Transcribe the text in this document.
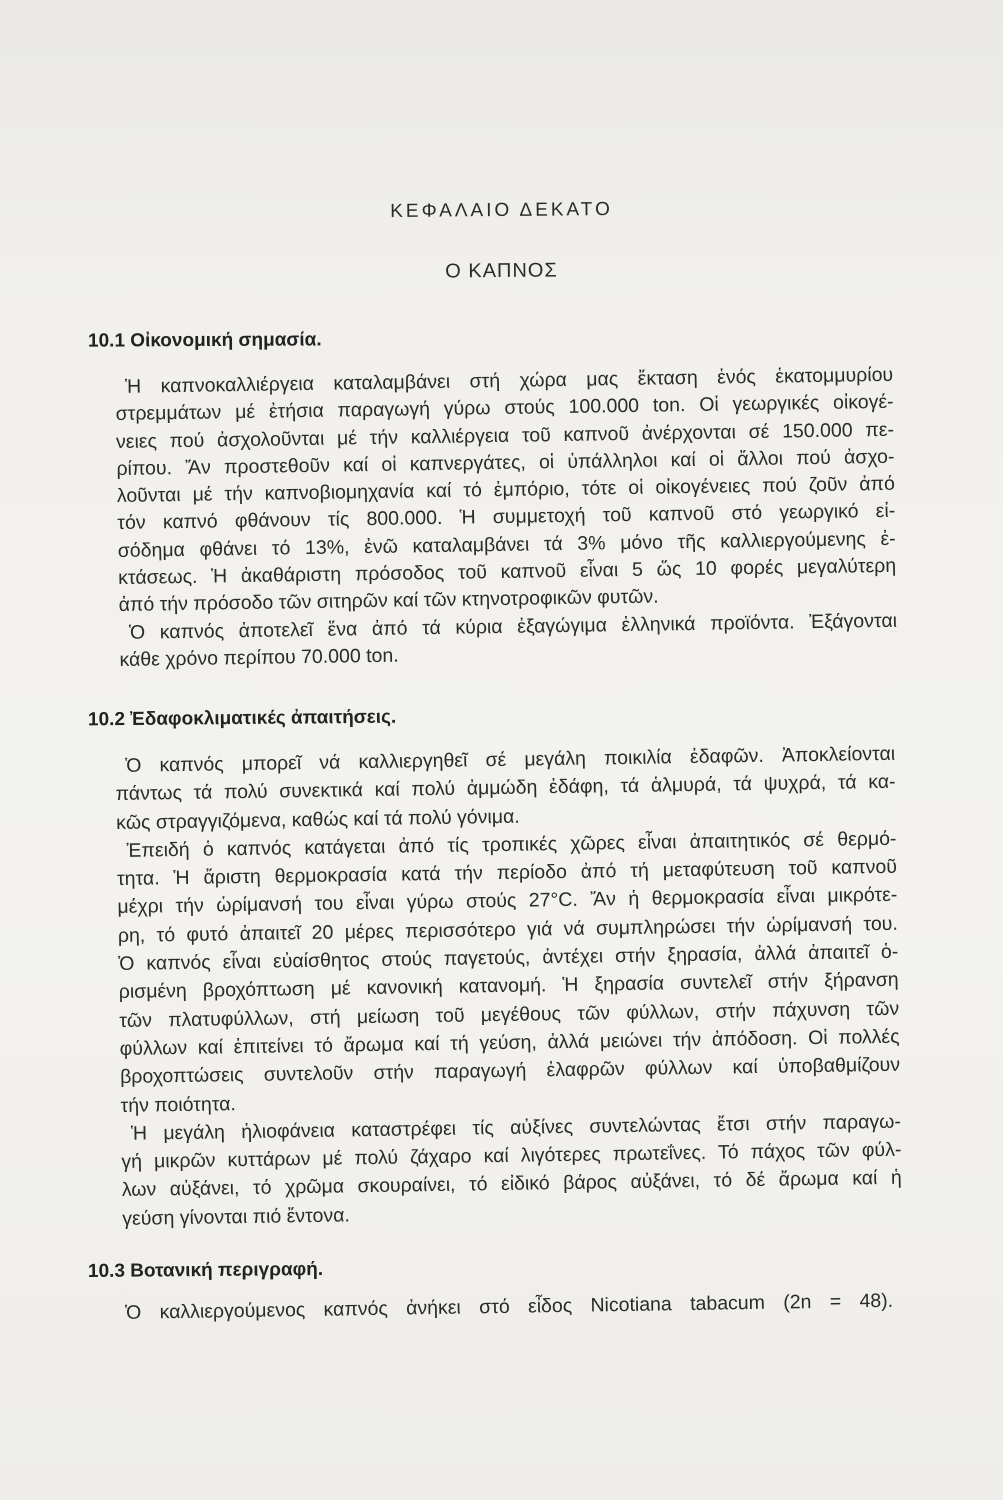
ΚΕΦΑΛΑΙΟ ΔΕΚΑΤΟ
Ο ΚΑΠΝΟΣ
10.1 Οἰκονομική σημασία.
Ἡ καπνοκαλλιέργεια καταλαμβάνει στή χώρα μας ἔκταση ἑνός ἑκατομμυρίου
στρεμμάτων μέ ἐτήσια παραγωγή γύρω στούς 100.000 ton. Οἱ γεωργικές οἰκογέ-
νειες πού ἀσχολοῦνται μέ τήν καλλιέργεια τοῦ καπνοῦ ἀνέρχονται σέ 150.000 πε-
ρίπου. Ἄν προστεθοῦν καί οἱ καπνεργάτες, οἱ ὑπάλληλοι καί οἱ ἄλλοι πού ἀσχο-
λοῦνται μέ τήν καπνοβιομηχανία καί τό ἐμπόριο, τότε οἱ οἰκογένειες πού ζοῦν ἀπό
τόν καπνό φθάνουν τίς 800.000. Ἡ συμμετοχή τοῦ καπνοῦ στό γεωργικό εἰ-
σόδημα φθάνει τό 13%, ἐνῶ καταλαμβάνει τά 3% μόνο τῆς καλλιεργούμενης ἐ-
κτάσεως. Ἡ ἀκαθάριστη πρόσοδος τοῦ καπνοῦ εἶναι 5 ὥς 10 φορές μεγαλύτερη
ἀπό τήν πρόσοδο τῶν σιτηρῶν καί τῶν κτηνοτροφικῶν φυτῶν.
Ὁ καπνός ἀποτελεῖ ἕνα ἀπό τά κύρια ἐξαγώγιμα ἑλληνικά προϊόντα. Ἐξάγονται
κάθε χρόνο περίπου 70.000 ton.
10.2 Ἐδαφοκλιματικές ἀπαιτήσεις.
Ὁ καπνός μπορεῖ νά καλλιεργηθεῖ σέ μεγάλη ποικιλία ἐδαφῶν. Ἀποκλείονται
πάντως τά πολύ συνεκτικά καί πολύ ἀμμώδη ἐδάφη, τά ἁλμυρά, τά ψυχρά, τά κα-
κῶς στραγγιζόμενα, καθώς καί τά πολύ γόνιμα.
Ἐπειδή ὁ καπνός κατάγεται ἀπό τίς τροπικές χῶρες εἶναι ἀπαιτητικός σέ θερμό-
τητα. Ἡ ἄριστη θερμοκρασία κατά τήν περίοδο ἀπό τή μεταφύτευση τοῦ καπνοῦ
μέχρι τήν ὡρίμανσή του εἶναι γύρω στούς 27°C. Ἄν ἡ θερμοκρασία εἶναι μικρότε-
ρη, τό φυτό ἀπαιτεῖ 20 μέρες περισσότερο γιά νά συμπληρώσει τήν ὡρίμανσή του.
Ὁ καπνός εἶναι εὐαίσθητος στούς παγετούς, ἀντέχει στήν ξηρασία, ἀλλά ἀπαιτεῖ ὁ-
ρισμένη βροχόπτωση μέ κανονική κατανομή. Ἡ ξηρασία συντελεῖ στήν ξήρανση
τῶν πλατυφύλλων, στή μείωση τοῦ μεγέθους τῶν φύλλων, στήν πάχυνση τῶν
φύλλων καί ἐπιτείνει τό ἄρωμα καί τή γεύση, ἀλλά μειώνει τήν ἀπόδοση. Οἱ πολλές
βροχοπτώσεις συντελοῦν στήν παραγωγή ἐλαφρῶν φύλλων καί ὑποβαθμίζουν
τήν ποιότητα.
Ἡ μεγάλη ἡλιοφάνεια καταστρέφει τίς αὐξίνες συντελώντας ἔτσι στήν παραγω-
γή μικρῶν κυττάρων μέ πολύ ζάχαρο καί λιγότερες πρωτεΐνες. Τό πάχος τῶν φύλ-
λων αὐξάνει, τό χρῶμα σκουραίνει, τό εἰδικό βάρος αὐξάνει, τό δέ ἄρωμα καί ἡ
γεύση γίνονται πιό ἔντονα.
10.3 Βοτανική περιγραφή.
Ὁ καλλιεργούμενος καπνός ἀνήκει στό εἶδος Nicotiana tabacum (2n = 48).
